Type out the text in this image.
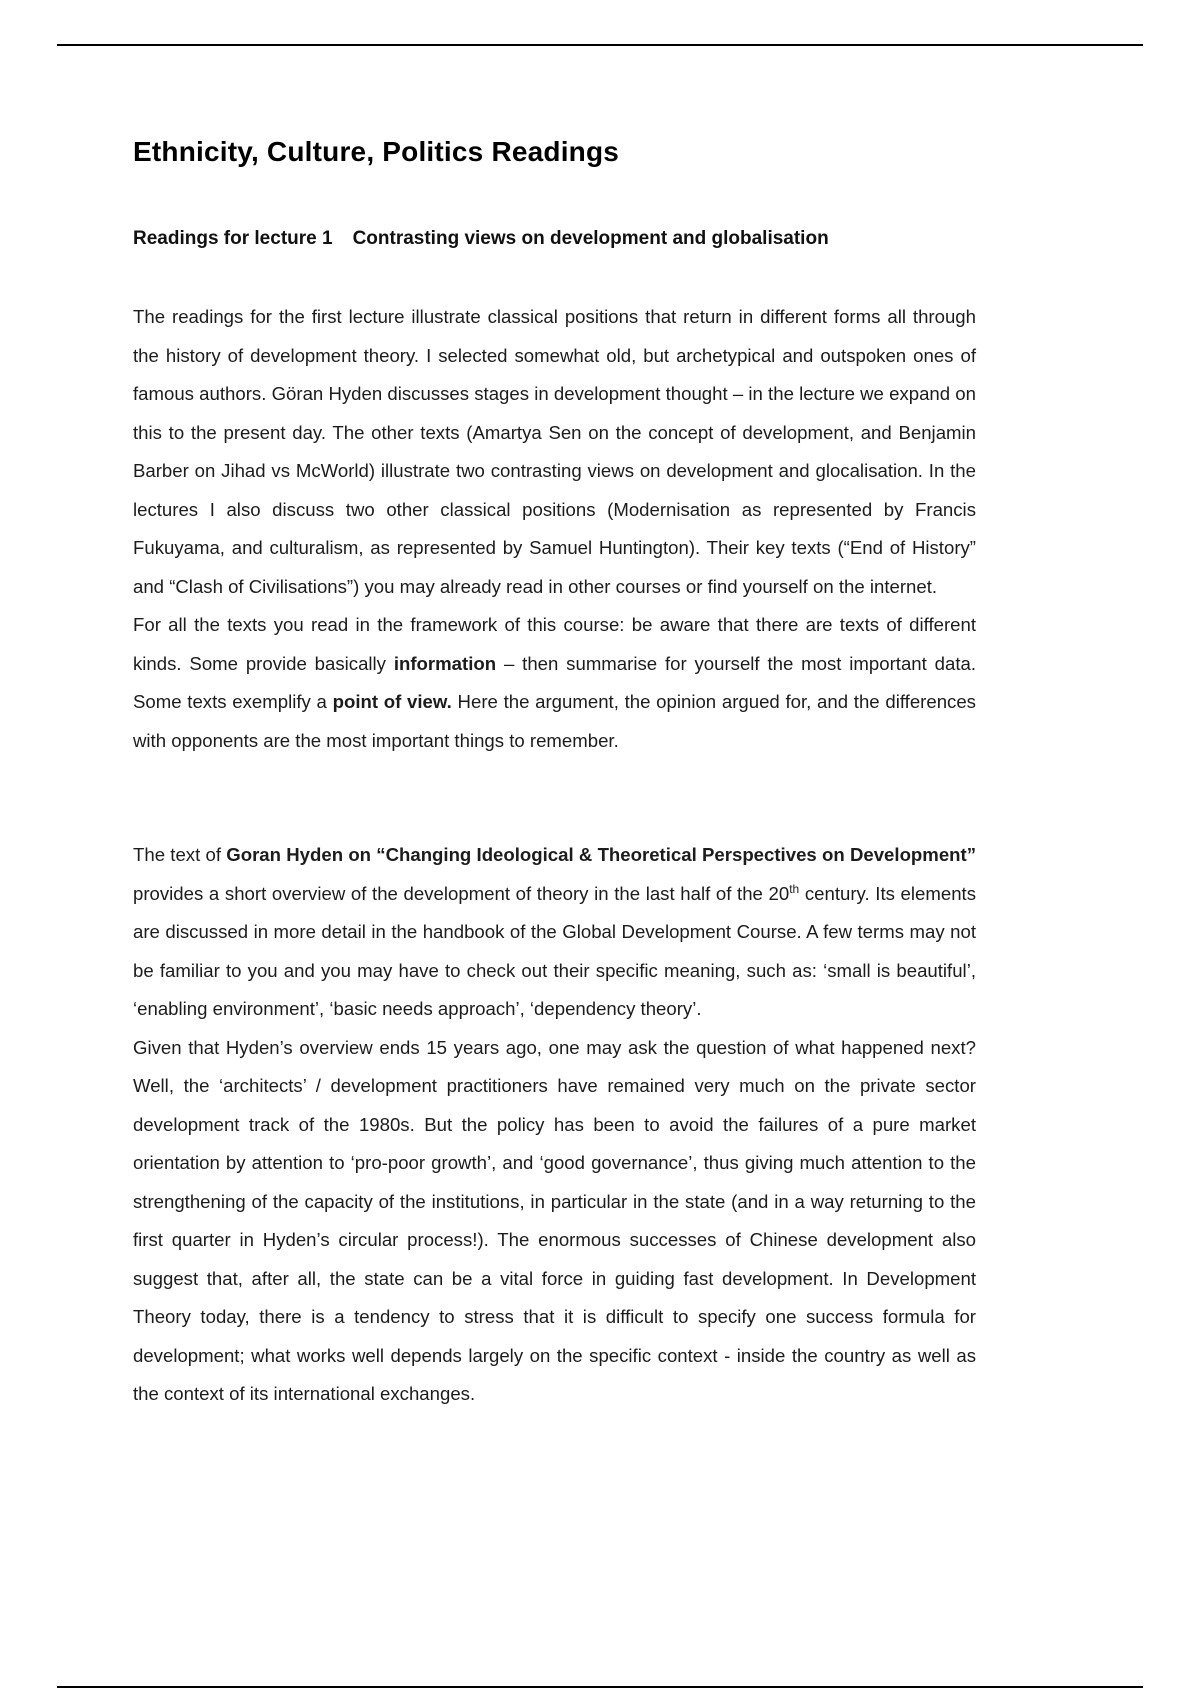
Ethnicity, Culture, Politics Readings
Readings for lecture 1 Contrasting views on development and globalisation

The readings for the first lecture illustrate classical positions that return in different forms all through the history of development theory. I selected somewhat old, but archetypical and outspoken ones of famous authors. Göran Hyden discusses stages in development thought – in the lecture we expand on this to the present day. The other texts (Amartya Sen on the concept of development, and Benjamin Barber on Jihad vs McWorld) illustrate two contrasting views on development and glocalisation. In the lectures I also discuss two other classical positions (Modernisation as represented by Francis Fukuyama, and culturalism, as represented by Samuel Huntington). Their key texts (“End of History” and “Clash of Civilisations”) you may already read in other courses or find yourself on the internet.

For all the texts you read in the framework of this course: be aware that there are texts of different kinds. Some provide basically information – then summarise for yourself the most important data. Some texts exemplify a point of view. Here the argument, the opinion argued for, and the differences with opponents are the most important things to remember.

The text of Goran Hyden on “Changing Ideological & Theoretical Perspectives on Development” provides a short overview of the development of theory in the last half of the 20th century. Its elements are discussed in more detail in the handbook of the Global Development Course. A few terms may not be familiar to you and you may have to check out their specific meaning, such as: ‘small is beautiful’, ‘enabling environment’, ‘basic needs approach’, ‘dependency theory’.

Given that Hyden’s overview ends 15 years ago, one may ask the question of what happened next? Well, the ‘architects’ / development practitioners have remained very much on the private sector development track of the 1980s. But the policy has been to avoid the failures of a pure market orientation by attention to ‘pro-poor growth’, and ‘good governance’, thus giving much attention to the strengthening of the capacity of the institutions, in particular in the state (and in a way returning to the first quarter in Hyden’s circular process!). The enormous successes of Chinese development also suggest that, after all, the state can be a vital force in guiding fast development. In Development Theory today, there is a tendency to stress that it is difficult to specify one success formula for development; what works well depends largely on the specific context - inside the country as well as the context of its international exchanges.
